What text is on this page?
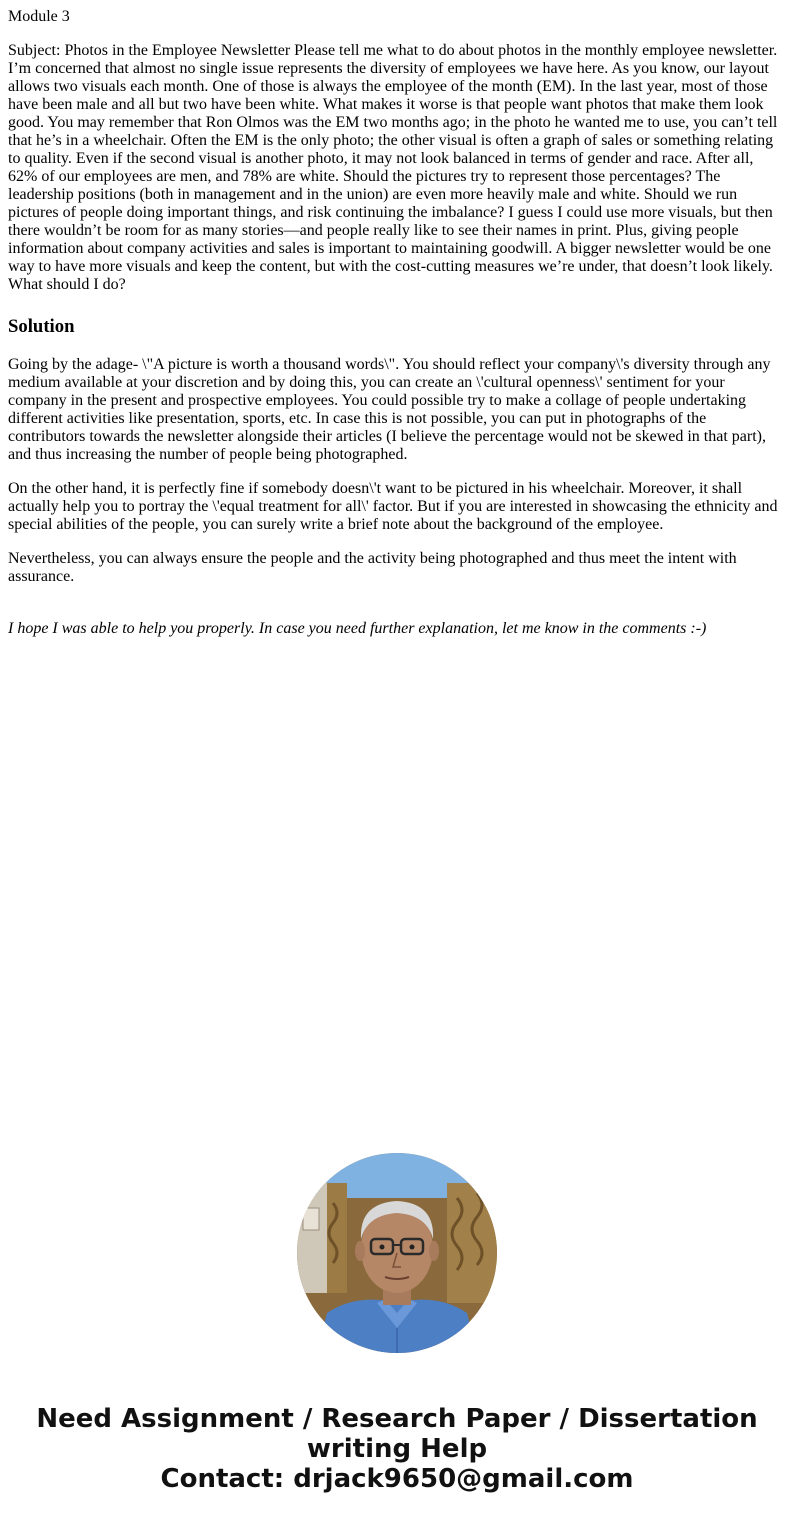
Module 3

Subject: Photos in the Employee Newsletter Please tell me what to do about photos in the monthly employee newsletter. I’m concerned that almost no single issue represents the diversity of employees we have here. As you know, our layout allows two visuals each month. One of those is always the employee of the month (EM). In the last year, most of those have been male and all but two have been white. What makes it worse is that people want photos that make them look good. You may remember that Ron Olmos was the EM two months ago; in the photo he wanted me to use, you can’t tell that he’s in a wheelchair. Often the EM is the only photo; the other visual is often a graph of sales or something relating to quality. Even if the second visual is another photo, it may not look balanced in terms of gender and race. After all, 62% of our employees are men, and 78% are white. Should the pictures try to represent those percentages? The leadership positions (both in management and in the union) are even more heavily male and white. Should we run pictures of people doing important things, and risk continuing the imbalance? I guess I could use more visuals, but then there wouldn’t be room for as many stories—and people really like to see their names in print. Plus, giving people information about company activities and sales is important to maintaining goodwill. A bigger newsletter would be one way to have more visuals and keep the content, but with the cost-cutting measures we’re under, that doesn’t look likely. What should I do?

Solution

Going by the adage- \"A picture is worth a thousand words\". You should reflect your company\'s diversity through any medium available at your discretion and by doing this, you can create an \'cultural openness\' sentiment for your company in the present and prospective employees. You could possible try to make a collage of people undertaking different activities like presentation, sports, etc. In case this is not possible, you can put in photographs of the contributors towards the newsletter alongside their articles (I believe the percentage would not be skewed in that part), and thus increasing the number of people being photographed.

On the other hand, it is perfectly fine if somebody doesn\'t want to be pictured in his wheelchair. Moreover, it shall actually help you to portray the \'equal treatment for all\' factor. But if you are interested in showcasing the ethnicity and special abilities of the people, you can surely write a brief note about the background of the employee.

Nevertheless, you can always ensure the people and the activity being photographed and thus meet the intent with assurance.

I hope I was able to help you properly. In case you need further explanation, let me know in the comments :-)

Need Assignment / Research Paper / Dissertation
writing Help
Contact: drjack9650@gmail.com
